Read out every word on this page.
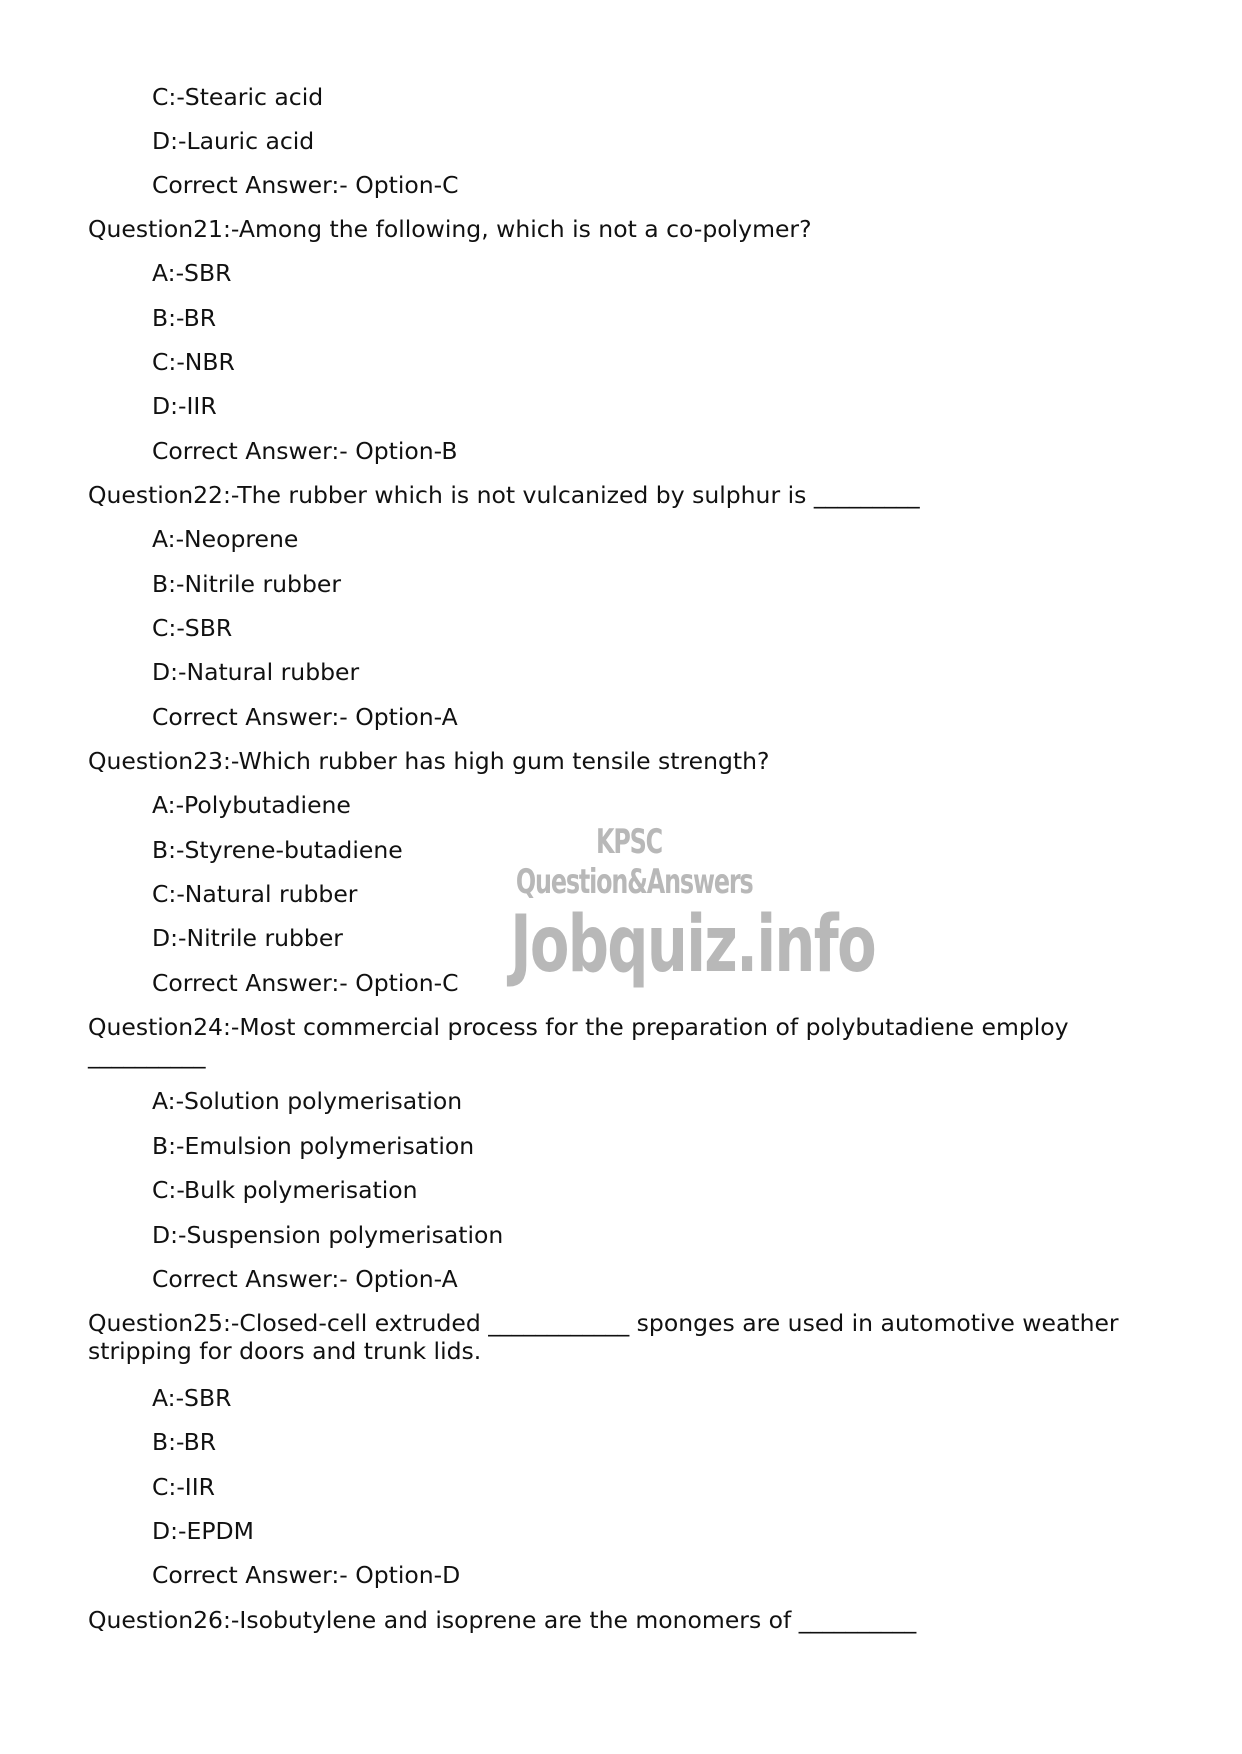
C:-Stearic acid
D:-Lauric acid
Correct Answer:- Option-C
Question21:-Among the following, which is not a co-polymer?
A:-SBR
B:-BR
C:-NBR
D:-IIR
Correct Answer:- Option-B
Question22:-The rubber which is not vulcanized by sulphur is _________
A:-Neoprene
B:-Nitrile rubber
C:-SBR
D:-Natural rubber
Correct Answer:- Option-A
Question23:-Which rubber has high gum tensile strength?
A:-Polybutadiene
B:-Styrene-butadiene
C:-Natural rubber
D:-Nitrile rubber
Correct Answer:- Option-C
Question24:-Most commercial process for the preparation of polybutadiene employ __________
A:-Solution polymerisation
B:-Emulsion polymerisation
C:-Bulk polymerisation
D:-Suspension polymerisation
Correct Answer:- Option-A
Question25:-Closed-cell extruded ____________ sponges are used in automotive weather stripping for doors and trunk lids.
A:-SBR
B:-BR
C:-IIR
D:-EPDM
Correct Answer:- Option-D
Question26:-Isobutylene and isoprene are the monomers of __________
KPSC Question&Answers
Jobquiz.info
